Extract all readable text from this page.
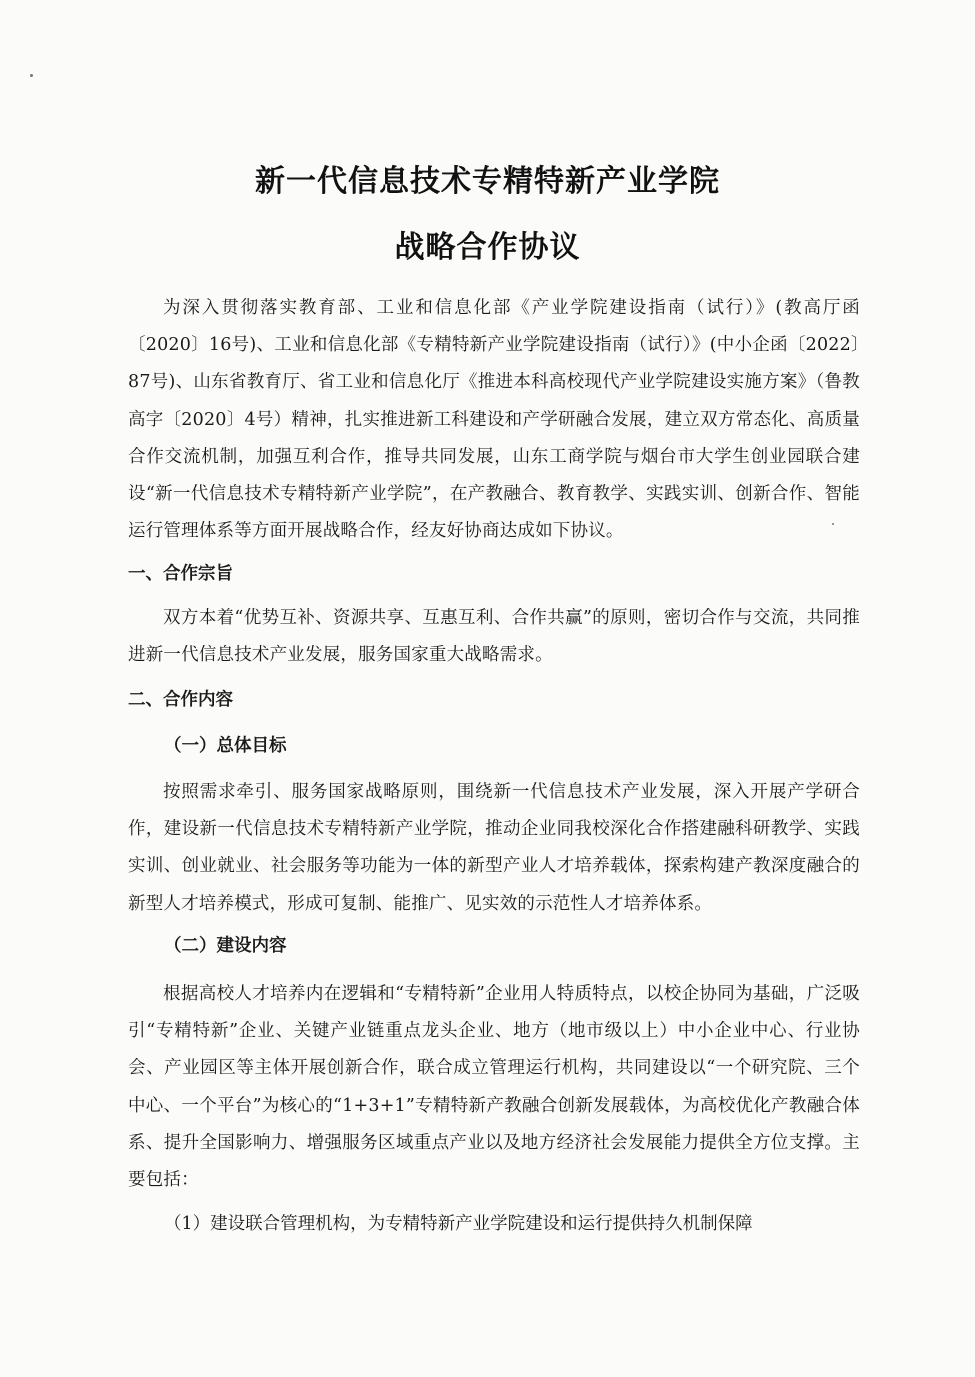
新一代信息技术专精特新产业学院
战略合作协议

为深入贯彻落实教育部、工业和信息化部《产业学院建设指南（试行）》(教高厅函〔2020〕16号)、工业和信息化部《专精特新产业学院建设指南（试行）》(中小企函〔2022〕87号)、山东省教育厅、省工业和信息化厅《推进本科高校现代产业学院建设实施方案》（鲁教高字〔2020〕4号）精神，扎实推进新工科建设和产学研融合发展，建立双方常态化、高质量合作交流机制，加强互利合作，推导共同发展，山东工商学院与烟台市大学生创业园联合建设“新一代信息技术专精特新产业学院”，在产教融合、教育教学、实践实训、创新合作、智能运行管理体系等方面开展战略合作，经友好协商达成如下协议。

一、合作宗旨

双方本着“优势互补、资源共享、互惠互利、合作共赢”的原则，密切合作与交流，共同推进新一代信息技术产业发展，服务国家重大战略需求。

二、合作内容
（一）总体目标

按照需求牵引、服务国家战略原则，围绕新一代信息技术产业发展，深入开展产学研合作，建设新一代信息技术专精特新产业学院，推动企业同我校深化合作搭建融科研教学、实践实训、创业就业、社会服务等功能为一体的新型产业人才培养载体，探索构建产教深度融合的新型人才培养模式，形成可复制、能推广、见实效的示范性人才培养体系。

（二）建设内容

根据高校人才培养内在逻辑和“专精特新”企业用人特质特点，以校企协同为基础，广泛吸引“专精特新”企业、关键产业链重点龙头企业、地方（地市级以上）中小企业中心、行业协会、产业园区等主体开展创新合作，联合成立管理运行机构，共同建设以“一个研究院、三个中心、一个平台”为核心的“1+3+1”专精特新产教融合创新发展载体，为高校优化产教融合体系、提升全国影响力、增强服务区域重点产业以及地方经济社会发展能力提供全方位支撑。主要包括：

（1）建设联合管理机构，为专精特新产业学院建设和运行提供持久机制保障
